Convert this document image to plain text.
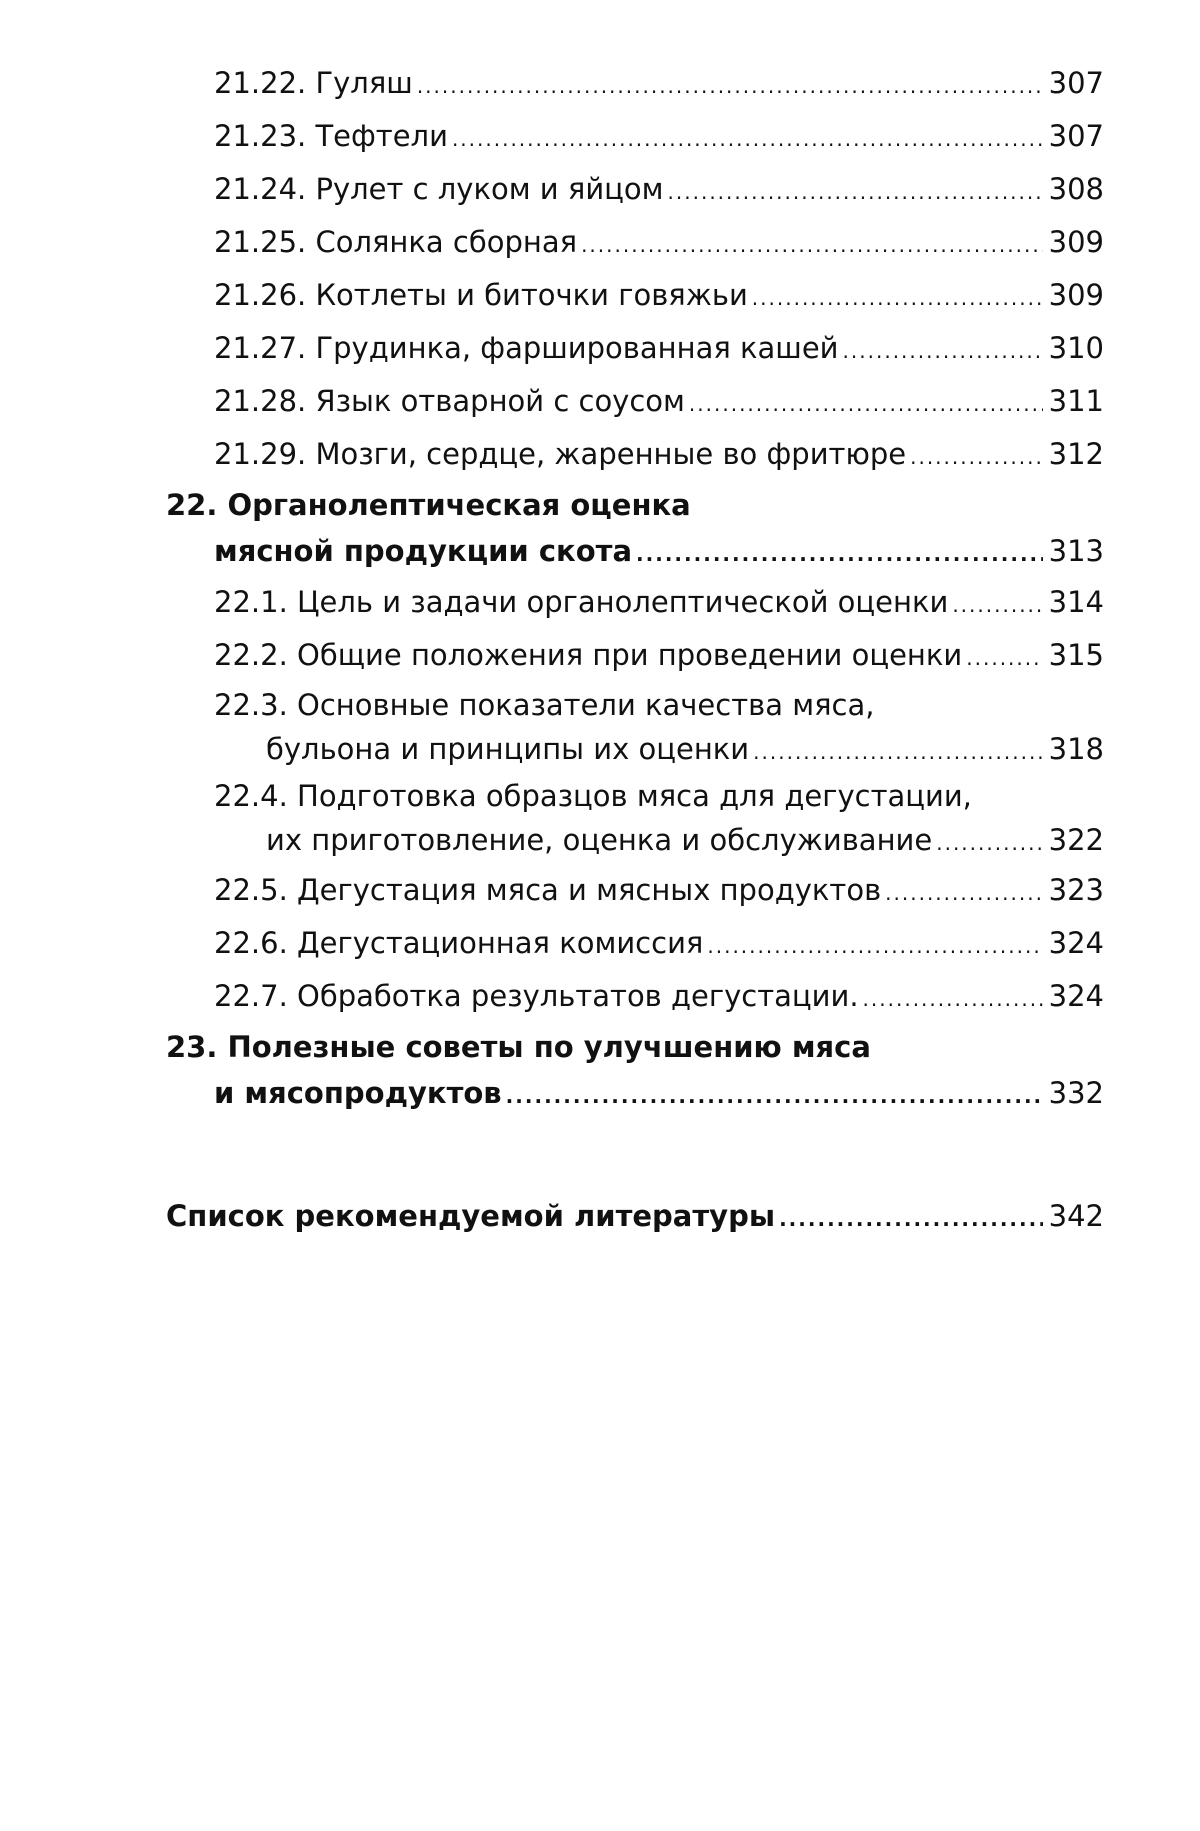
21.22. Гуляш .....	307
21.23. Тефтели .....	307
21.24. Рулет с луком и яйцом .....	308
21.25. Солянка сборная .....	309
21.26. Котлеты и биточки говяжьи .....	309
21.27. Грудинка, фаршированная кашей .....	310
21.28. Язык отварной с соусом .....	311
21.29. Мозги, сердце, жаренные во фритюре .....	312
22. Органолептическая оценка
мясной продукции скота .....	313
22.1. Цель и задачи органолептической оценки .....	314
22.2. Общие положения при проведении оценки .....	315
22.3. Основные показатели качества мяса,
бульона и принципы их оценки .....	318
22.4. Подготовка образцов мяса для дегустации,
их приготовление, оценка и обслуживание .....	322
22.5. Дегустация мяса и мясных продуктов .....	323
22.6. Дегустационная комиссия .....	324
22.7. Обработка результатов дегустации. .....	324
23. Полезные советы по улучшению мяса
и мясопродуктов .....	332
Список рекомендуемой литературы .....	342
